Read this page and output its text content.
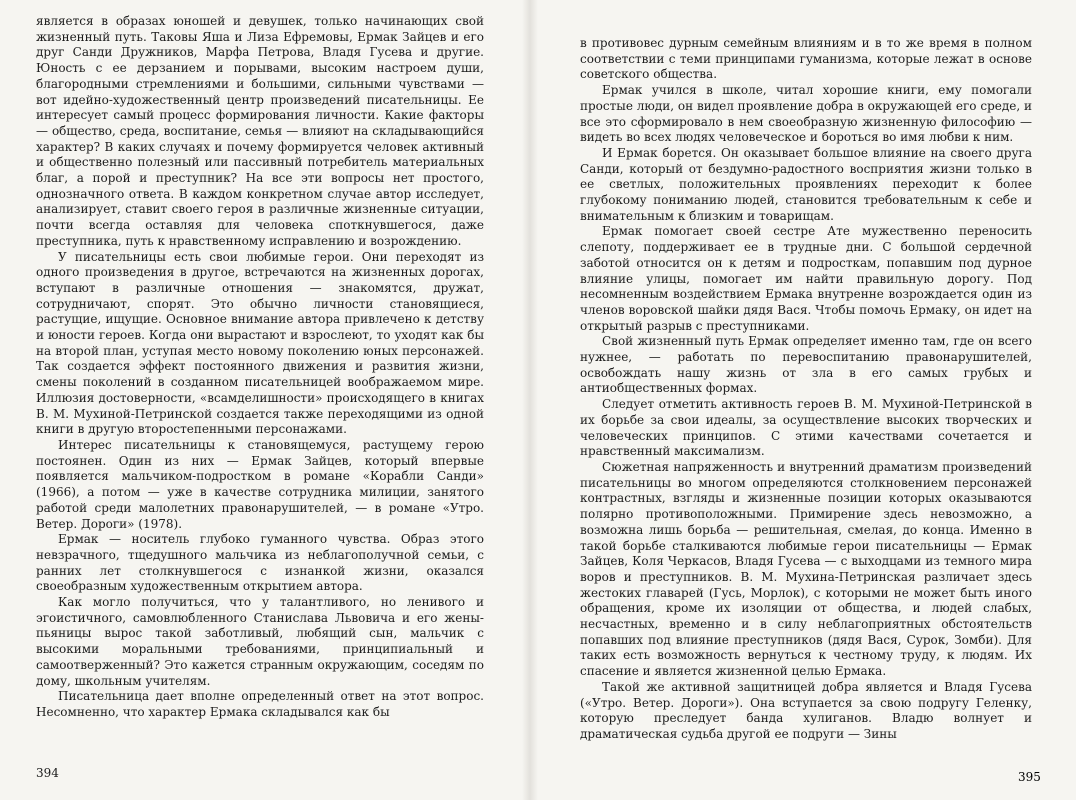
является в образах юношей и девушек, только начинающих свой жизненный путь. Таковы Яша и Лиза Ефремовы, Ермак Зайцев и его друг Санди Дружников, Марфа Петрова, Владя Гусева и другие. Юность с ее дерзанием и порывами, высоким настроем души, благородными стремлениями и большими, сильными чувствами — вот идейно-художественный центр произведений писательницы. Ее интересует самый процесс формирования личности. Какие факторы — общество, среда, воспитание, семья — влияют на складывающийся характер? В каких случаях и почему формируется человек активный и общественно полезный или пассивный потребитель материальных благ, а порой и преступник? На все эти вопросы нет простого, однозначного ответа. В каждом конкретном случае автор исследует, анализирует, ставит своего героя в различные жизненные ситуации, почти всегда оставляя для человека споткнувшегося, даже преступника, путь к нравственному исправлению и возрождению.

У писательницы есть свои любимые герои. Они переходят из одного произведения в другое, встречаются на жизненных дорогах, вступают в различные отношения — знакомятся, дружат, сотрудничают, спорят. Это обычно личности становящиеся, растущие, ищущие. Основное внимание автора привлечено к детству и юности героев. Когда они вырастают и взрослеют, то уходят как бы на второй план, уступая место новому поколению юных персонажей. Так создается эффект постоянного движения и развития жизни, смены поколений в созданном писательницей воображаемом мире. Иллюзия достоверности, «всамделишности» происходящего в книгах В. М. Мухиной-Петринской создается также переходящими из одной книги в другую второстепенными персонажами.

Интерес писательницы к становящемуся, растущему герою постоянен. Один из них — Ермак Зайцев, который впервые появляется мальчиком-подростком в романе «Корабли Санди» (1966), а потом — уже в качестве сотрудника милиции, занятого работой среди малолетних правонарушителей, — в романе «Утро. Ветер. Дороги» (1978).

Ермак — носитель глубоко гуманного чувства. Образ этого невзрачного, тщедушного мальчика из неблагополучной семьи, с ранних лет столкнувшегося с изнанкой жизни, оказался своеобразным художественным открытием автора.

Как могло получиться, что у талантливого, но ленивого и эгоистичного, самовлюбленного Станислава Львовича и его жены-пьяницы вырос такой заботливый, любящий сын, мальчик с высокими моральными требованиями, принципиальный и самоотверженный? Это кажется странным окружающим, соседям по дому, школьным учителям.

Писательница дает вполне определенный ответ на этот вопрос. Несомненно, что характер Ермака складывался как бы

394

в противовес дурным семейным влияниям и в то же время в полном соответствии с теми принципами гуманизма, которые лежат в основе советского общества.

Ермак учился в школе, читал хорошие книги, ему помогали простые люди, он видел проявление добра в окружающей его среде, и все это сформировало в нем своеобразную жизненную философию — видеть во всех людях человеческое и бороться во имя любви к ним.

И Ермак борется. Он оказывает большое влияние на своего друга Санди, который от бездумно-радостного восприятия жизни только в ее светлых, положительных проявлениях переходит к более глубокому пониманию людей, становится требовательным к себе и внимательным к близким и товарищам.

Ермак помогает своей сестре Ате мужественно переносить слепоту, поддерживает ее в трудные дни. С большой сердечной заботой относится он к детям и подросткам, попавшим под дурное влияние улицы, помогает им найти правильную дорогу. Под несомненным воздействием Ермака внутренне возрождается один из членов воровской шайки дядя Вася. Чтобы помочь Ермаку, он идет на открытый разрыв с преступниками.

Свой жизненный путь Ермак определяет именно там, где он всего нужнее, — работать по перевоспитанию правонарушителей, освобождать нашу жизнь от зла в его самых грубых и антиобщественных формах.

Следует отметить активность героев В. М. Мухиной-Петринской в их борьбе за свои идеалы, за осуществление высоких творческих и человеческих принципов. С этими качествами сочетается и нравственный максимализм.

Сюжетная напряженность и внутренний драматизм произведений писательницы во многом определяются столкновением персонажей контрастных, взгляды и жизненные позиции которых оказываются полярно противоположными. Примирение здесь невозможно, а возможна лишь борьба — решительная, смелая, до конца. Именно в такой борьбе сталкиваются любимые герои писательницы — Ермак Зайцев, Коля Черкасов, Владя Гусева — с выходцами из темного мира воров и преступников. В. М. Мухина-Петринская различает здесь жестоких главарей (Гусь, Морлок), с которыми не может быть иного обращения, кроме их изоляции от общества, и людей слабых, несчастных, временно и в силу неблагоприятных обстоятельств попавших под влияние преступников (дядя Вася, Сурок, Зомби). Для таких есть возможность вернуться к честному труду, к людям. Их спасение и является жизненной целью Ермака.

Такой же активной защитницей добра является и Владя Гусева («Утро. Ветер. Дороги»). Она вступается за свою подругу Геленку, которую преследует банда хулиганов. Владю волнует и драматическая судьба другой ее подруги — Зины

395
